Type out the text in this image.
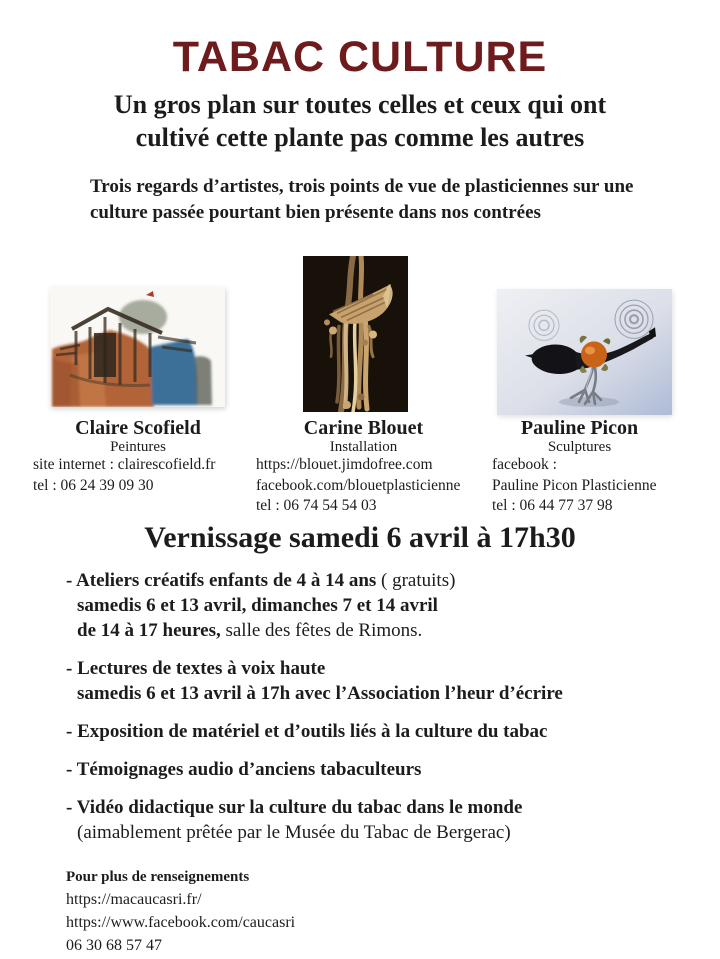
TABAC CULTURE
Un gros plan sur toutes celles et ceux qui ont
cultivé cette plante pas comme les autres
Trois regards d’artistes, trois points de vue de plasticiennes sur une
culture passée pourtant bien présente dans nos contrées
Claire Scofield
Peintures
site internet : clairescofield.fr
tel : 06 24 39 09 30
Carine Blouet
Installation
https://blouet.jimdofree.com
facebook.com/blouetplasticienne
tel : 06 74 54 54 03
Pauline Picon
Sculptures
facebook :
Pauline Picon Plasticienne
tel : 06 44 77 37 98
Vernissage samedi 6 avril à 17h30
- Ateliers créatifs enfants de 4 à 14 ans ( gratuits)
samedis 6 et 13 avril, dimanches 7 et 14 avril
de 14 à 17 heures, salle des fêtes de Rimons.
- Lectures de textes à voix haute
samedis 6 et 13 avril à 17h avec l’Association l’heur d’écrire
- Exposition de matériel et d’outils liés à la culture du tabac
- Témoignages audio d’anciens tabaculteurs
- Vidéo didactique sur la culture du tabac dans le monde
(aimablement prêtée par le Musée du Tabac de Bergerac)
Pour plus de renseignements
https://macaucasri.fr/
https://www.facebook.com/caucasri
06 30 68 57 47
